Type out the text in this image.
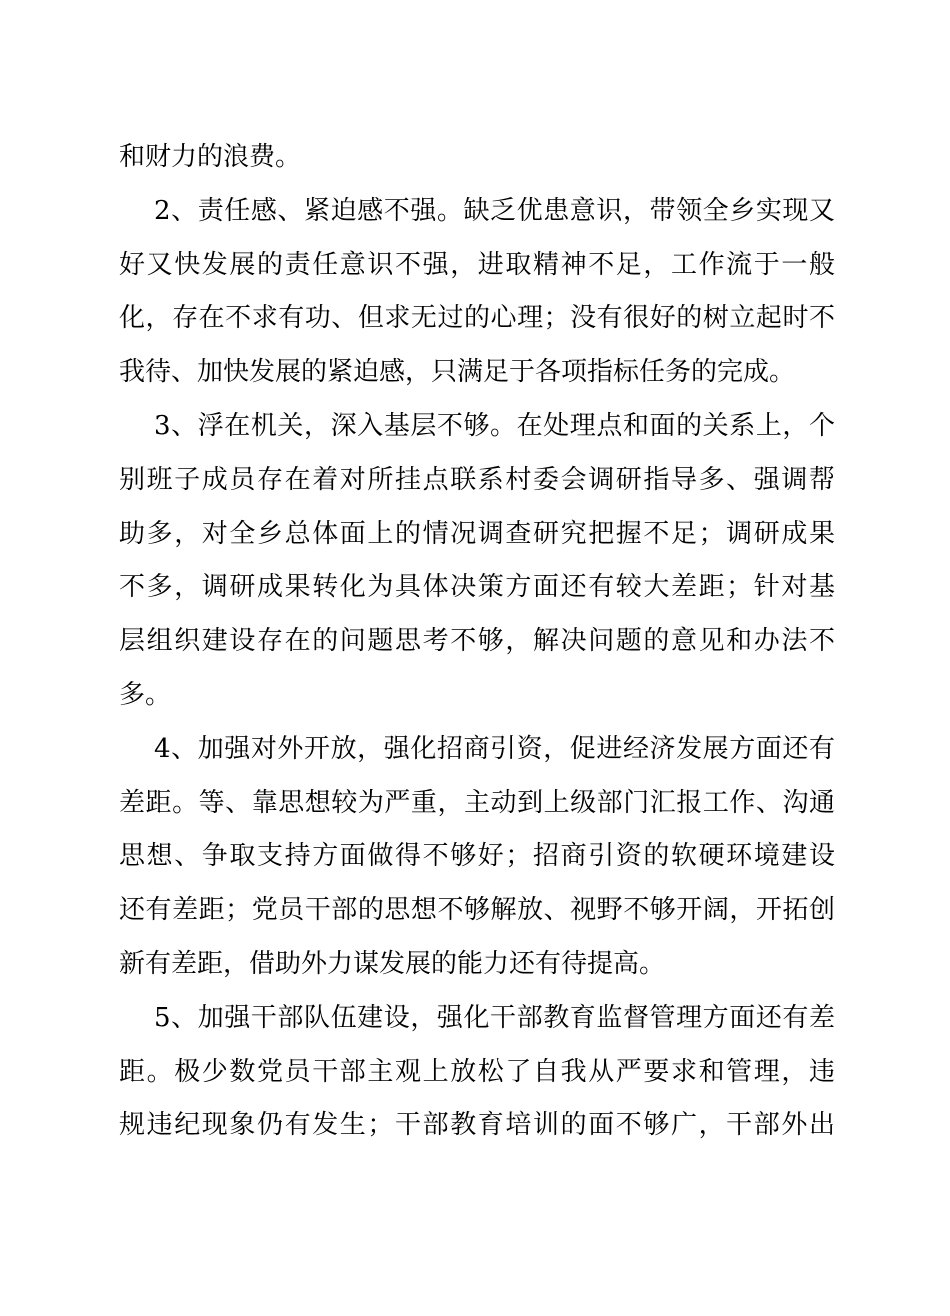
和财力的浪费。
2、责任感、紧迫感不强。缺乏优患意识，带领全乡实现又
好又快发展的责任意识不强，进取精神不足，工作流于一般
化，存在不求有功、但求无过的心理；没有很好的树立起时不
我待、加快发展的紧迫感，只满足于各项指标任务的完成。
3、浮在机关，深入基层不够。在处理点和面的关系上，个
别班子成员存在着对所挂点联系村委会调研指导多、强调帮
助多，对全乡总体面上的情况调查研究把握不足；调研成果
不多，调研成果转化为具体决策方面还有较大差距；针对基
层组织建设存在的问题思考不够，解决问题的意见和办法不
多。
4、加强对外开放，强化招商引资，促进经济发展方面还有
差距。等、靠思想较为严重，主动到上级部门汇报工作、沟通
思想、争取支持方面做得不够好；招商引资的软硬环境建设
还有差距；党员干部的思想不够解放、视野不够开阔，开拓创
新有差距，借助外力谋发展的能力还有待提高。
5、加强干部队伍建设，强化干部教育监督管理方面还有差
距。极少数党员干部主观上放松了自我从严要求和管理，违
规违纪现象仍有发生；干部教育培训的面不够广，干部外出
